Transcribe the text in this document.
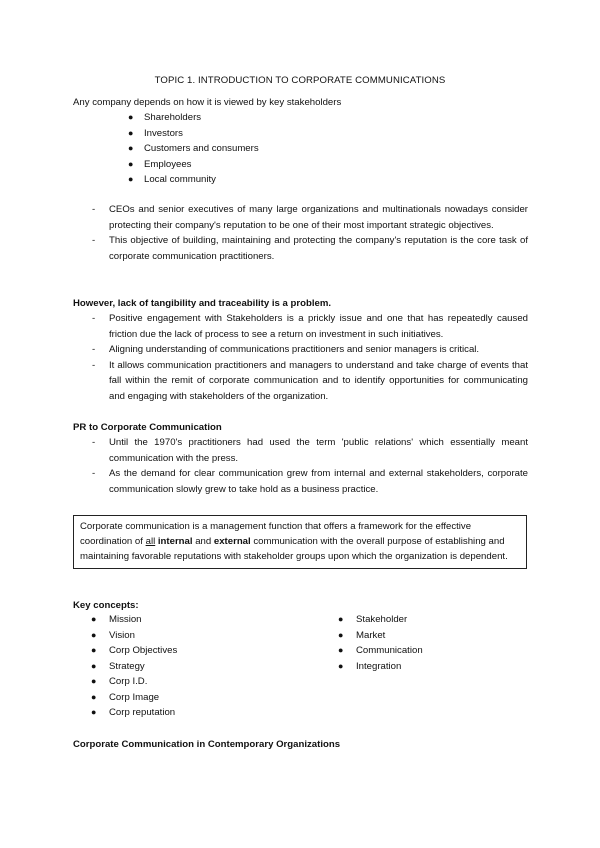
TOPIC 1. INTRODUCTION TO CORPORATE COMMUNICATIONS
Any company depends on how it is viewed by key stakeholders
● Shareholders
● Investors
● Customers and consumers
● Employees
● Local community
- CEOs and senior executives of many large organizations and multinationals nowadays consider protecting their company's reputation to be one of their most important strategic objectives.
- This objective of building, maintaining and protecting the company's reputation is the core task of corporate communication practitioners.
However, lack of tangibility and traceability is a problem.
- Positive engagement with Stakeholders is a prickly issue and one that has repeatedly caused friction due the lack of process to see a return on investment in such initiatives.
- Aligning understanding of communications practitioners and senior managers is critical.
- It allows communication practitioners and managers to understand and take charge of events that fall within the remit of corporate communication and to identify opportunities for communicating and engaging with stakeholders of the organization.
PR to Corporate Communication
- Until the 1970's practitioners had used the term 'public relations' which essentially meant communication with the press.
- As the demand for clear communication grew from internal and external stakeholders, corporate communication slowly grew to take hold as a business practice.
Corporate communication is a management function that offers a framework for the effective coordination of all internal and external communication with the overall purpose of establishing and maintaining favorable reputations with stakeholder groups upon which the organization is dependent.
Key concepts:
● Mission
● Vision
● Corp Objectives
● Strategy
● Corp I.D.
● Corp Image
● Corp reputation
● Stakeholder
● Market
● Communication
● Integration
Corporate Communication in Contemporary Organizations
